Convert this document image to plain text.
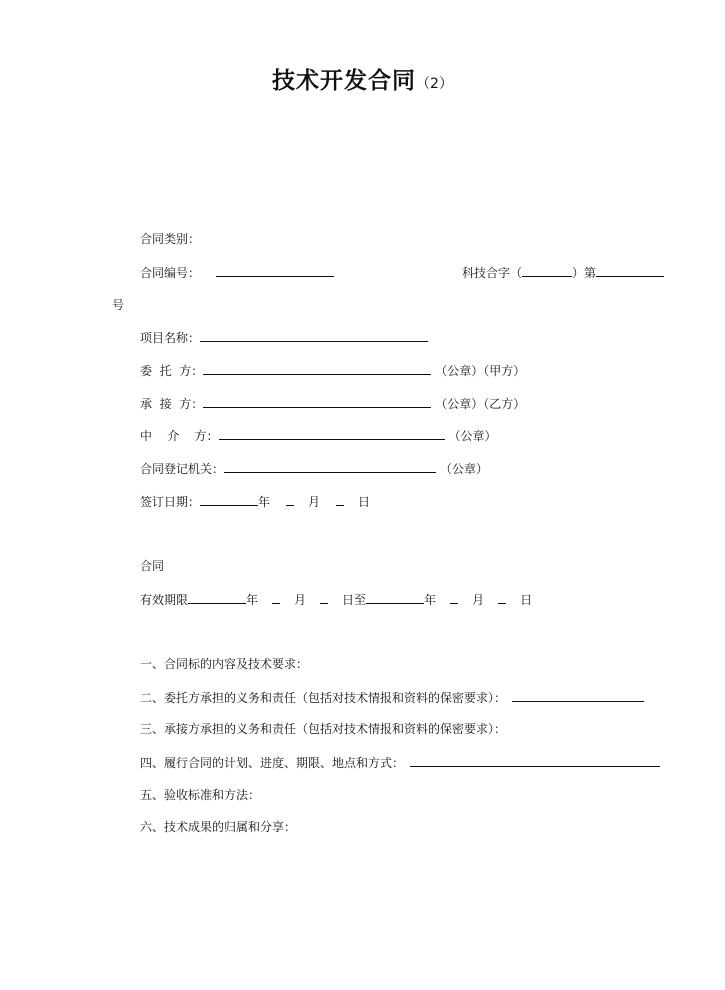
技术开发合同（2）
合同类别：
合同编号：	科技合字（	）第
号
项目名称：
委  托  方：	（公章）（甲方）
承  接  方：	（公章）（乙方）
中    介    方：	（公章）
合同登记机关：	（公章）
签订日期：	年	月	日
合同
有效期限	年	月	日至	年	月	日
一、合同标的内容及技术要求：
二、委托方承担的义务和责任（包括对技术情报和资料的保密要求）：
三、承接方承担的义务和责任（包括对技术情报和资料的保密要求）：
四、履行合同的计划、进度、期限、地点和方式：
五、验收标准和方法：
六、技术成果的归属和分享：
